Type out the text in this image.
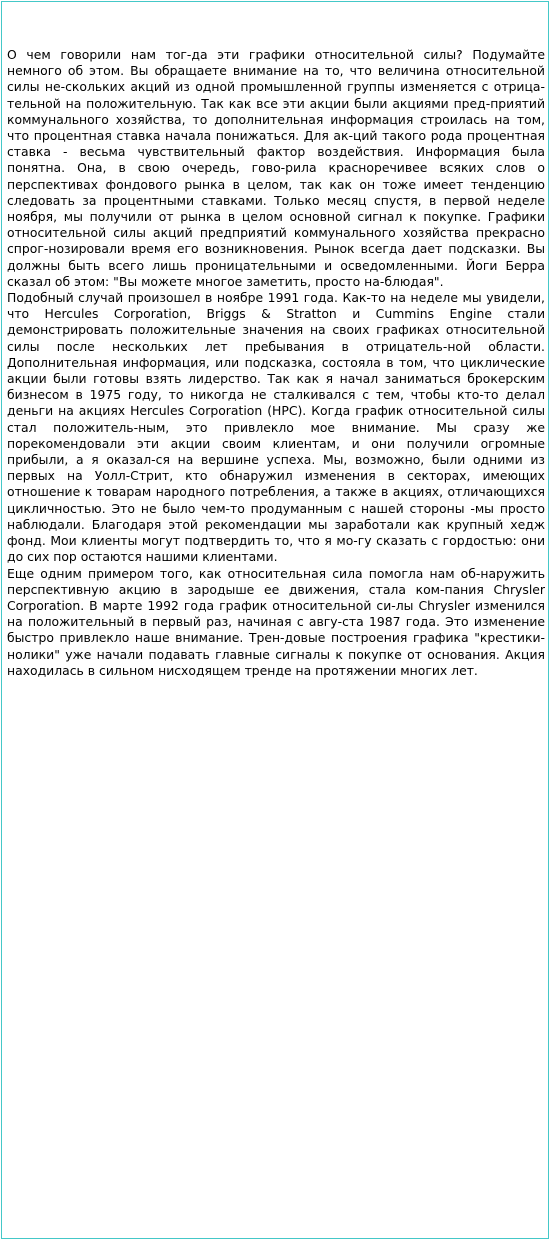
О чем говорили нам тог-да эти графики относительной силы? Подумайте немного об этом. Вы обращаете внимание на то, что величина относительной силы не-скольких акций из одной промышленной группы изменяется с отрица-тельной на положительную. Так как все эти акции были акциями пред-приятий коммунального хозяйства, то дополнительная информация строилась на том, что процентная ставка начала понижаться. Для ак-ций такого рода процентная ставка - весьма чувствительный фактор воздействия. Информация была понятна. Она, в свою очередь, гово-рила красноречивее всяких слов о перспективах фондового рынка в целом, так как он тоже имеет тенденцию следовать за процентными ставками. Только месяц спустя, в первой неделе ноября, мы получили от рынка в целом основной сигнал к покупке. Графики относительной силы акций предприятий коммунального хозяйства прекрасно спрог-нозировали время его возникновения. Рынок всегда дает подсказки. Вы должны быть всего лишь проницательными и осведомленными. Йоги Берра сказал об этом: "Вы можете многое заметить, просто на-блюдая".

Подобный случай произошел в ноябре 1991 года. Как-то на неделе мы увидели, что Hercules Corporation, Briggs & Stratton и Cummins Engine стали демонстрировать положительные значения на своих графиках относительной силы после нескольких лет пребывания в отрицатель-ной области. Дополнительная информация, или подсказка, состояла в том, что циклические акции были готовы взять лидерство. Так как я начал заниматься брокерским бизнесом в 1975 году, то никогда не сталкивался с тем, чтобы кто-то делал деньги на акциях Hercules Corporation (HPC). Когда график относительной силы стал положитель-ным, это привлекло мое внимание. Мы сразу же порекомендовали эти акции своим клиентам, и они получили огромные прибыли, а я оказал-ся на вершине успеха. Мы, возможно, были одними из первых на Уолл-Стрит, кто обнаружил изменения в секторах, имеющих отношение к товарам народного потребления, а также в акциях, отличающихся цикличностью. Это не было чем-то продуманным с нашей стороны -мы просто наблюдали. Благодаря этой рекомендации мы заработали как крупный хедж фонд. Мои клиенты могут подтвердить то, что я мо-гу сказать с гордостью: они до сих пор остаются нашими клиентами.

Еще одним примером того, как относительная сила помогла нам об-наружить перспективную акцию в зародыше ее движения, стала ком-пания Chrysler Corporation. В марте 1992 года график относительной си-лы Chrysler изменился на положительный в первый раз, начиная с авгу-ста 1987 года. Это изменение быстро привлекло наше внимание. Трен-довые построения графика "крестики-нолики" уже начали подавать главные сигналы к покупке от основания. Акция находилась в сильном нисходящем тренде на протяжении многих лет.
